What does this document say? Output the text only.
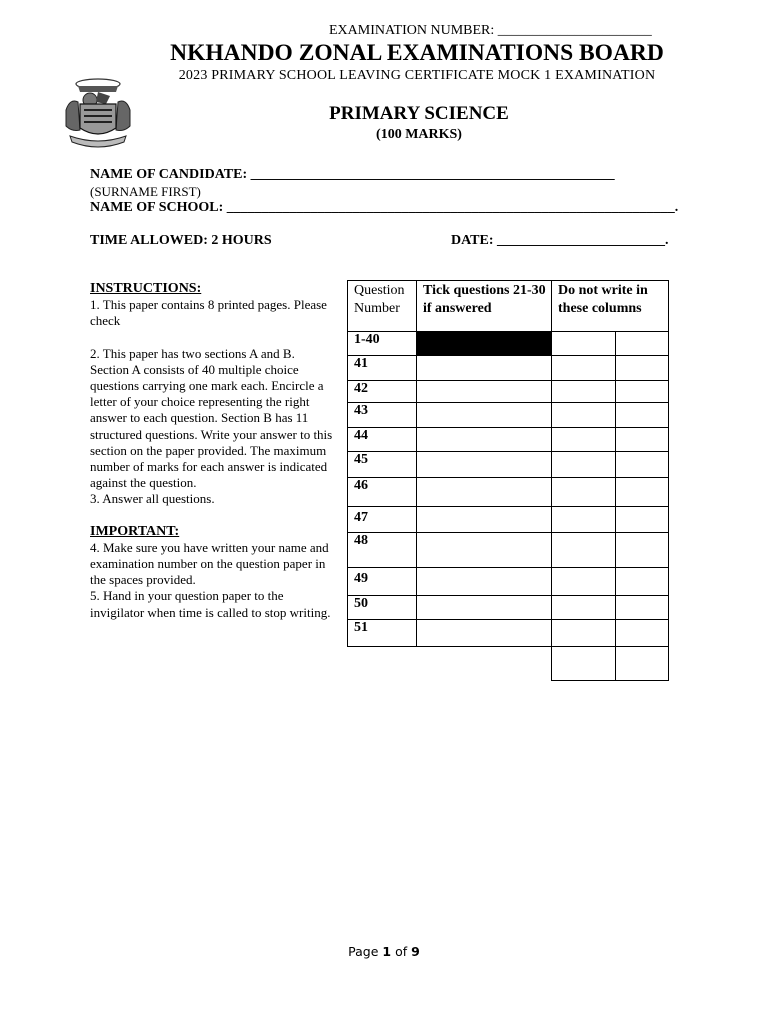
EXAMINATION NUMBER: ______________________
NKHANDO ZONAL EXAMINATIONS BOARD
2023 PRIMARY SCHOOL LEAVING CERTIFICATE MOCK 1 EXAMINATION
PRIMARY SCIENCE
(100 MARKS)
NAME OF CANDIDATE: ____________________________________________________
(SURNAME FIRST)
NAME OF SCHOOL: ________________________________________________________________.
TIME ALLOWED: 2 HOURS	DATE: ________________________.

INSTRUCTIONS:

1. This paper contains 8 printed pages. Please check

2. This paper has two sections A and B. Section A consists of 40 multiple choice questions carrying one mark each. Encircle a letter of your choice representing the right answer to each question. Section B has 11 structured questions. Write your answer to this section on the paper provided. The maximum number of marks for each answer is indicated against the question.

3. Answer all questions.

IMPORTANT:

4. Make sure you have written your name and examination number on the question paper in the spaces provided.

5. Hand in your question paper to the invigilator when time is called to stop writing.

Question Number	Tick questions 21-30 if answered	Do not write in these columns	
1-40			
41			
42			
43			
44			
45			
46			
47			
48			
49			
50			
51			

Page 1 of 9
